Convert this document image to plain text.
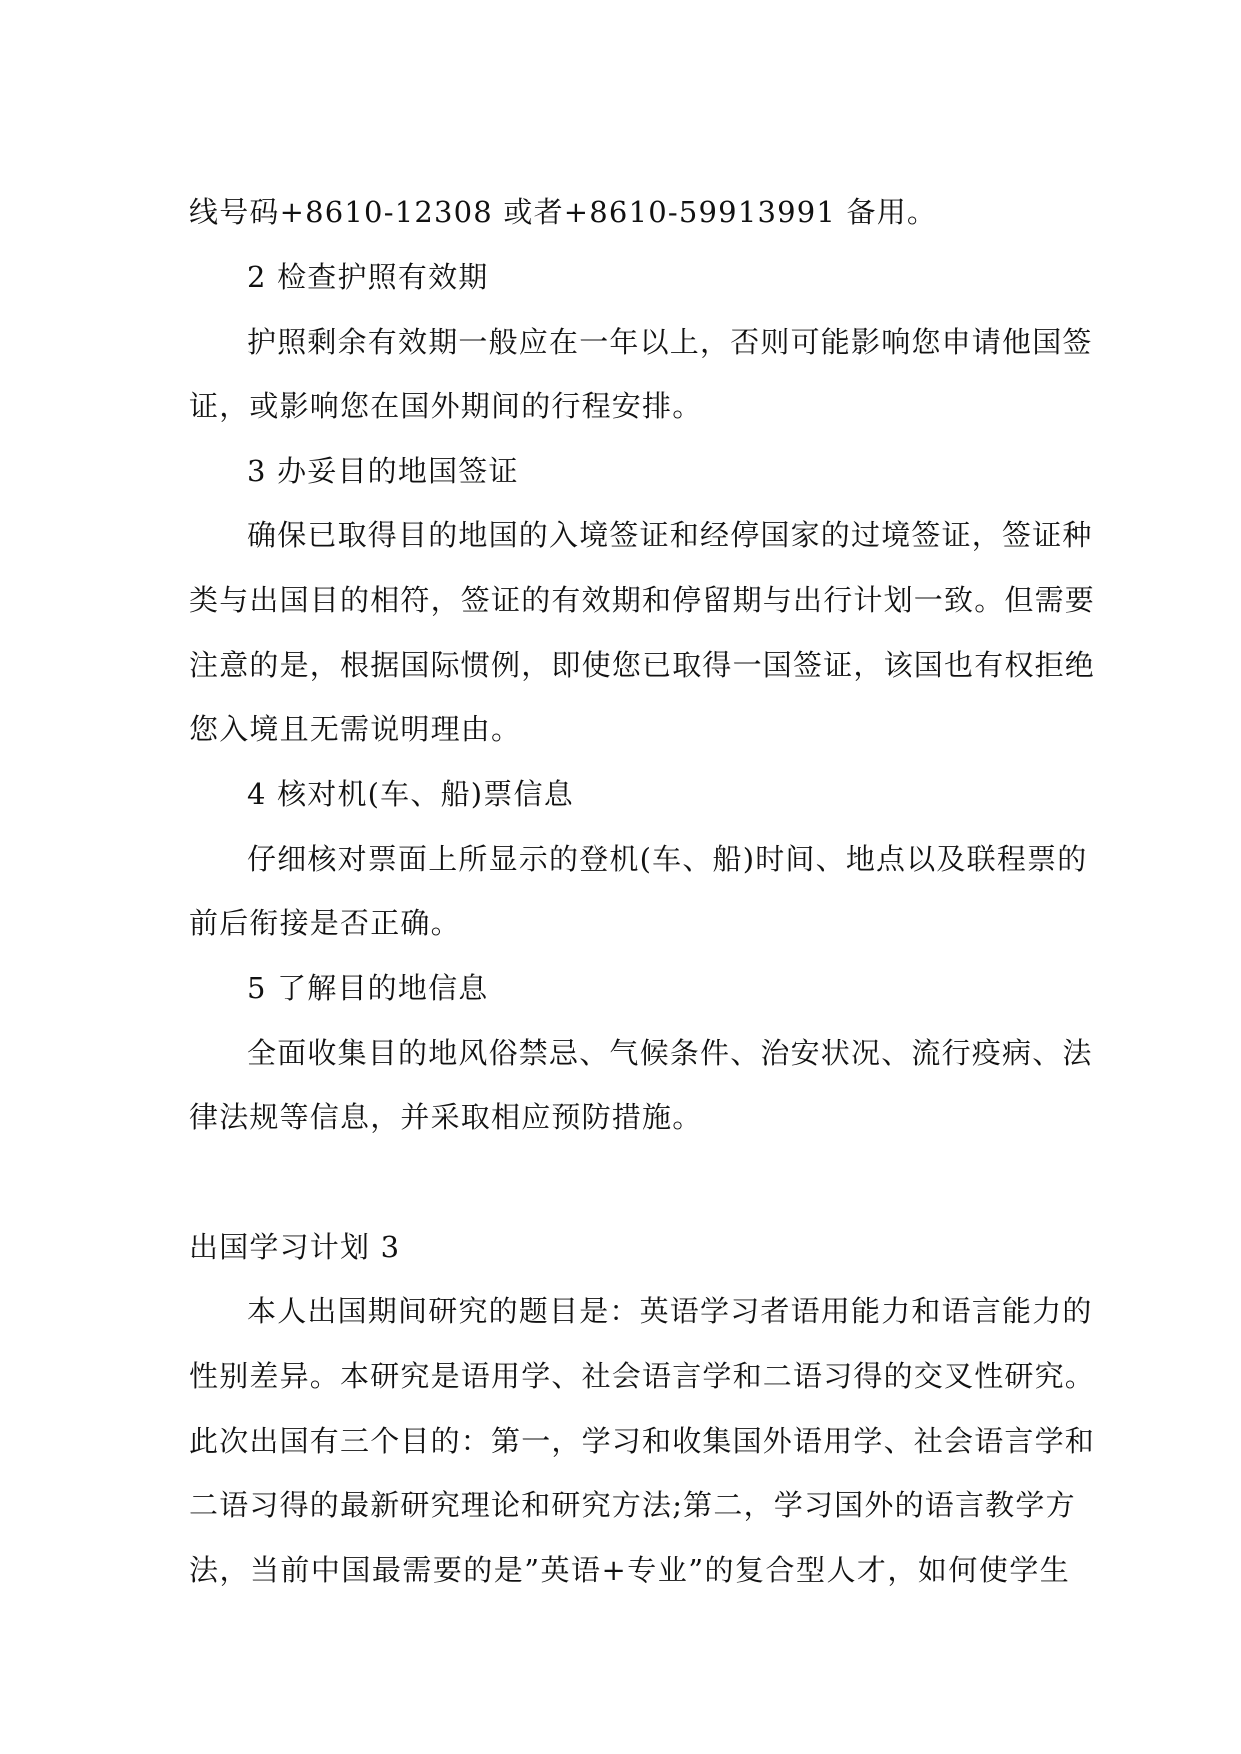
线号码+8610-12308 或者+8610-59913991 备用。

2 检查护照有效期

护照剩余有效期一般应在一年以上，否则可能影响您申请他国签

证，或影响您在国外期间的行程安排。

3 办妥目的地国签证

确保已取得目的地国的入境签证和经停国家的过境签证，签证种

类与出国目的相符，签证的有效期和停留期与出行计划一致。但需要

注意的是，根据国际惯例，即使您已取得一国签证，该国也有权拒绝

您入境且无需说明理由。

4 核对机(车、船)票信息

仔细核对票面上所显示的登机(车、船)时间、地点以及联程票的

前后衔接是否正确。

5 了解目的地信息

全面收集目的地风俗禁忌、气候条件、治安状况、流行疫病、法

律法规等信息，并采取相应预防措施。

出国学习计划 3

本人出国期间研究的题目是：英语学习者语用能力和语言能力的

性别差异。本研究是语用学、社会语言学和二语习得的交叉性研究。

此次出国有三个目的：第一，学习和收集国外语用学、社会语言学和

二语习得的最新研究理论和研究方法;第二，学习国外的语言教学方

法，当前中国最需要的是”英语+专业”的复合型人才，如何使学生
